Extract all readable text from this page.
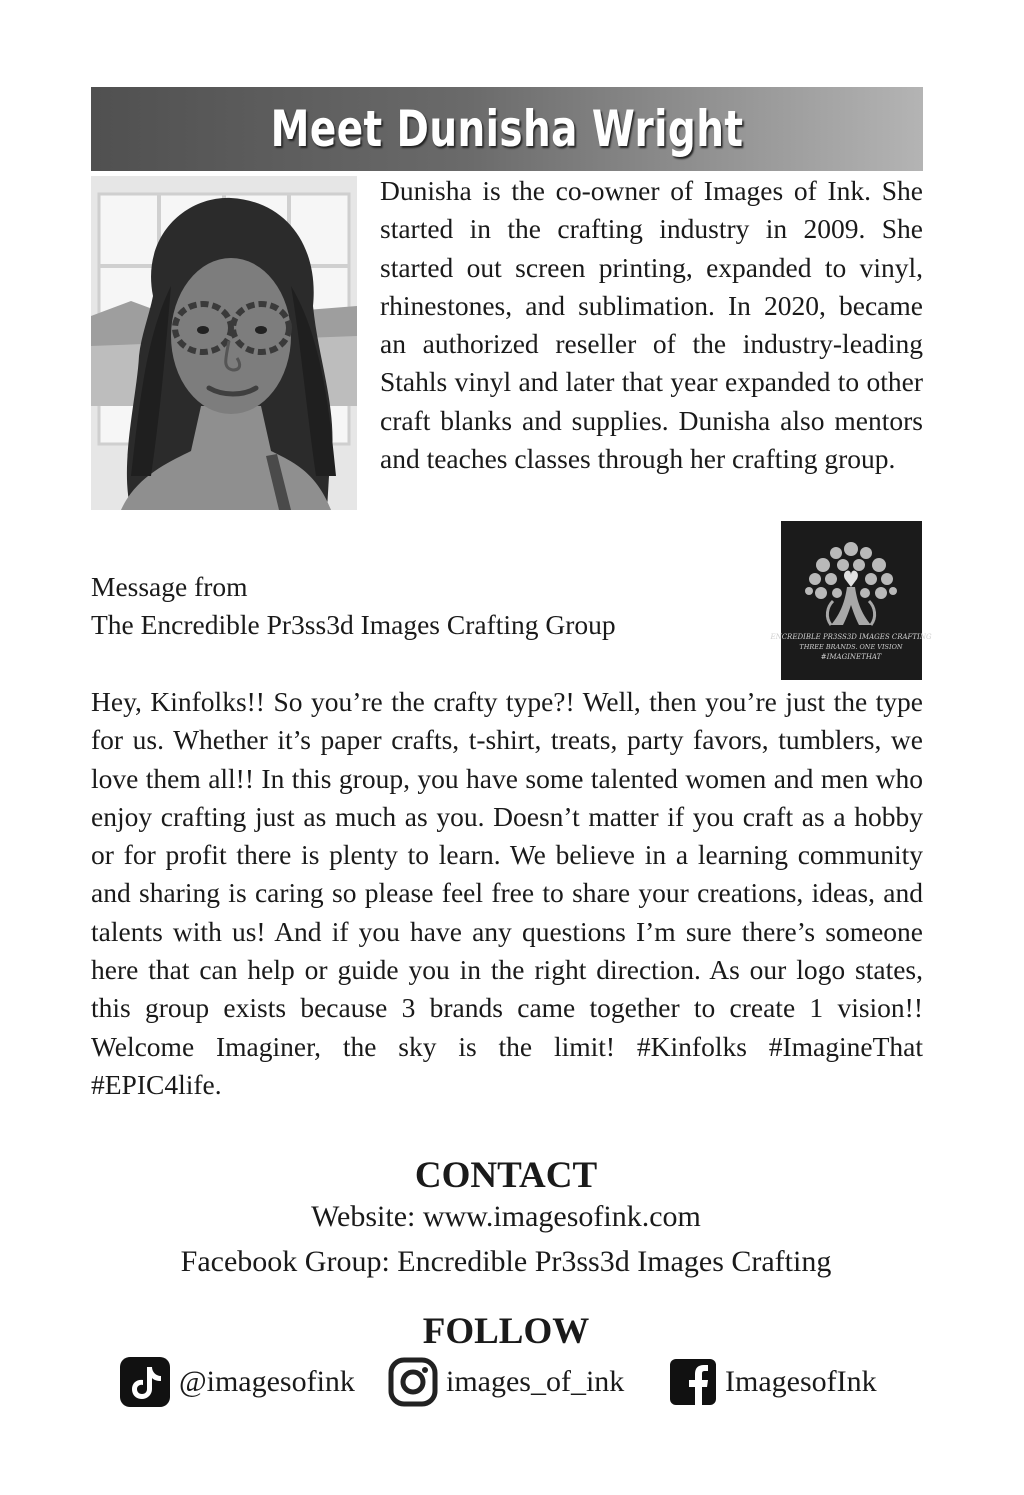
Meet Dunisha Wright

Dunisha is the co-owner of Images of Ink. She started in the crafting industry in 2009. She started out screen printing, expanded to vinyl, rhinestones, and sublimation. In 2020, became an authorized reseller of the industry-leading Stahls vinyl and later that year expanded to other craft blanks and supplies. Dunisha also mentors and teaches classes through her crafting group.

Message from
The Encredible Pr3ss3d Images Crafting Group	ENCREDIBLE PR3SS3D IMAGES CRAFTING
THREE BRANDS. ONE VISION
#IMAGINETHAT

Hey, Kinfolks!! So you’re the crafty type?! Well, then you’re just the type for us. Whether it’s paper crafts, t-shirt, treats, party favors, tumblers, we love them all!! In this group, you have some talented women and men who enjoy crafting just as much as you. Doesn’t matter if you craft as a hobby or for profit there is plenty to learn. We believe in a learning community and sharing is caring so please feel free to share your creations, ideas, and talents with us! And if you have any questions I’m sure there’s someone here that can help or guide you in the right direction. As our logo states, this group exists because 3 brands came together to create 1 vision!! Welcome Imaginer, the sky is the limit! #Kinfolks #ImagineThat #EPIC4life.

CONTACT
Website: www.imagesofink.com
Facebook Group: Encredible Pr3ss3d Images Crafting
FOLLOW
@imagesofink	images_of_ink	ImagesofInk
